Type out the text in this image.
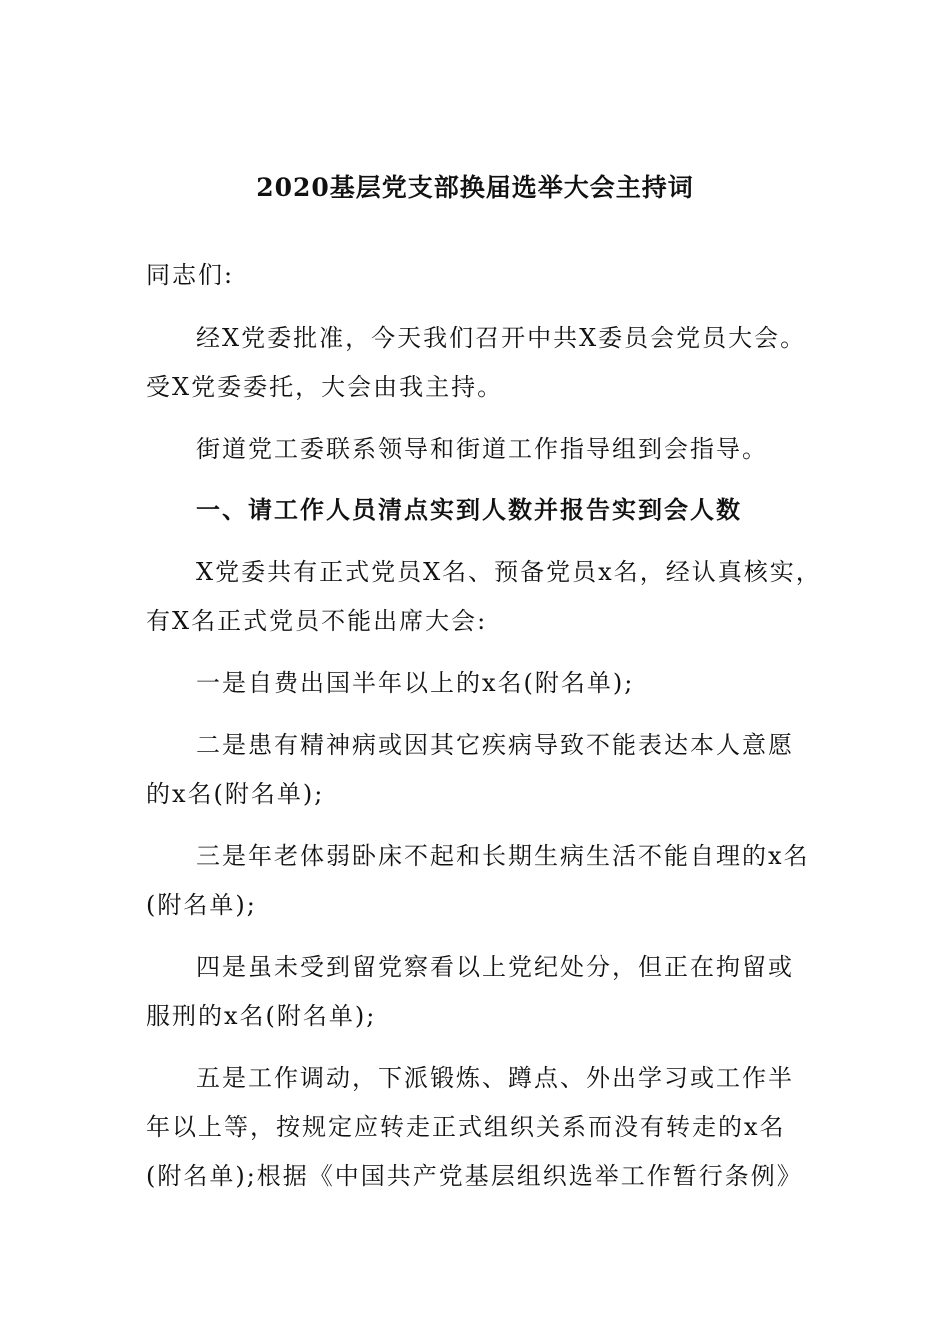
2020基层党支部换届选举大会主持词
同志们:
经X党委批准，今天我们召开中共X委员会党员大会。
受X党委委托，大会由我主持。
街道党工委联系领导和街道工作指导组到会指导。
一、请工作人员清点实到人数并报告实到会人数
X党委共有正式党员X名、预备党员x名，经认真核实，
有X名正式党员不能出席大会:
一是自费出国半年以上的x名(附名单);
二是患有精神病或因其它疾病导致不能表达本人意愿
的x名(附名单);
三是年老体弱卧床不起和长期生病生活不能自理的x名
(附名单);
四是虽未受到留党察看以上党纪处分，但正在拘留或
服刑的x名(附名单);
五是工作调动，下派锻炼、蹲点、外出学习或工作半
年以上等，按规定应转走正式组织关系而没有转走的x名
(附名单);根据《中国共产党基层组织选举工作暂行条例》
